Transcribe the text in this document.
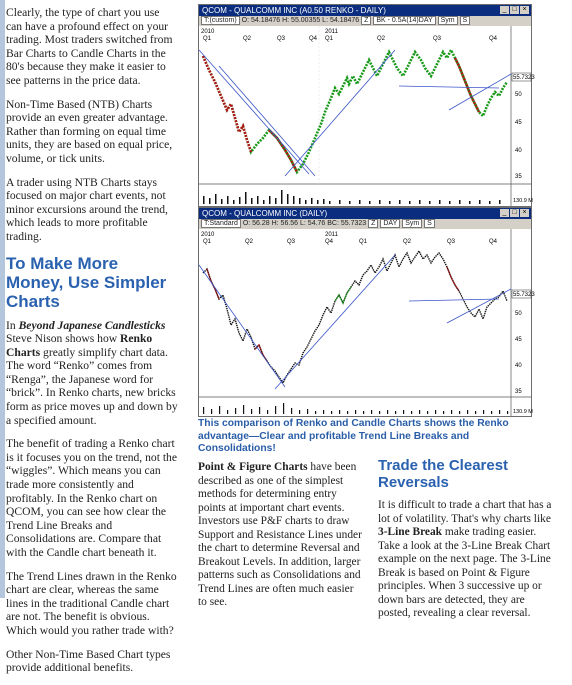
Clearly, the type of chart you use can have a profound effect on your trading. Most traders switched from Bar Charts to Candle Charts in the 80's because they make it easier to see patterns in the price data.

Non-Time Based (NTB) Charts provide an even greater advantage. Rather than forming on equal time units, they are based on equal price, volume, or tick units.

A trader using NTB Charts stays focused on major chart events, not minor excursions around the trend, which leads to more profitable trading.

To Make More Money, Use Simpler Charts

In Beyond Japanese Candlesticks Steve Nison shows how Renko Charts greatly simplify chart data. The word “Renko” comes from “Renga”, the Japanese word for “brick”. In Renko charts, new bricks form as price moves up and down by a specified amount.

The benefit of trading a Renko chart is it focuses you on the trend, not the “wiggles”. Which means you can trade more consistently and profitably. In the Renko chart on QCOM, you can see how clear the Trend Line Breaks and Consolidations are. Compare that with the Candle chart beneath it.

The Trend Lines drawn in the Renko chart are clear, whereas the same lines in the traditional Candle chart are not. The benefit is obvious. Which would you rather trade with?

Other Non-Time Based Chart types provide additional benefits.

QCOM - QUALCOMM INC (A0.50 RENKO - DAILY)	_ □ ×
T:(custom) O: 54.18476 H: 55.00355 L: 54.18476 Z BK - 0.5A(14)DAY Sym S
2010	2011
Q1	Q2	Q3	Q4 Q1	Q2	Q3	Q4
55.7323
50
45
40
35
130.9 M
QCOM - QUALCOMM INC (DAILY)	_ □ ×
T:Standard O: 56.28 H: 56.56 L: 54.76 BC: 55.7323 Z DAY Sym S
2010	2011
Q1	Q2	Q3	Q4	Q1	Q2	Q3	Q4
55.7323
50
45
40
35
130.9 M
This comparison of Renko and Candle Charts shows the Renko advantage—Clear and profitable Trend Line Breaks and Consolidations!

Point & Figure Charts have been described as one of the simplest methods for determining entry points at important chart events. Investors use P&F charts to draw Support and Resistance Lines under the chart to determine Reversal and Breakout Levels. In addition, larger patterns such as Consolidations and Trend Lines are often much easier to see.

Trade the Clearest Reversals

It is difficult to trade a chart that has a lot of volatility. That's why charts like 3-Line Break make trading easier. Take a look at the 3-Line Break Chart example on the next page. The 3-Line Break is based on Point & Figure principles. When 3 successive up or down bars are detected, they are posted, revealing a clear reversal.
